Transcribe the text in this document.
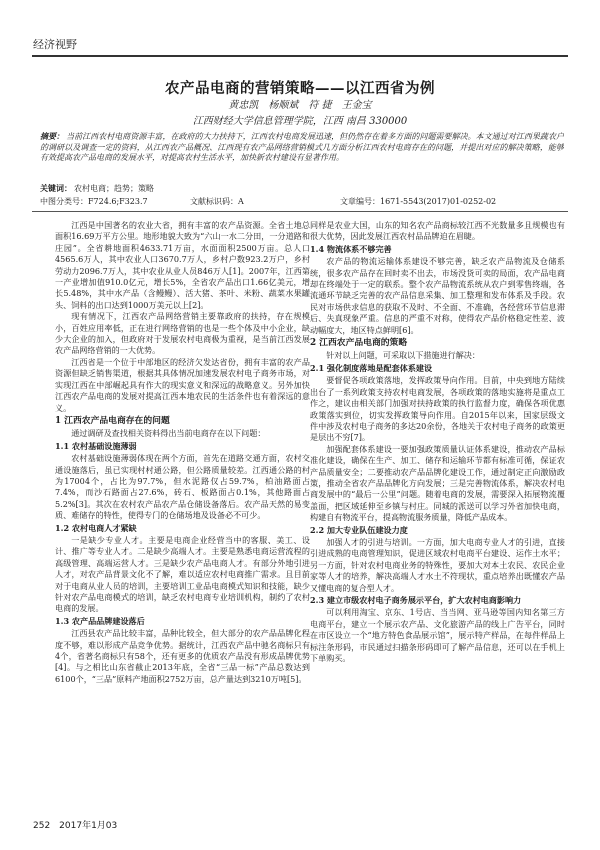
经济视野
农产品电商的营销策略——以江西省为例
黄忠凯　杨顺斌　符 捷　王金宝
江西财经大学信息管理学院，江西 南昌 330000
摘要： 当前江西农村电商资源丰富，在政府的大力扶持下，江西农村电商发展迅速，但仍然存在着多方面的问题需要解决。本文通过对江西果蔬农户的调研以及调查一定的资料，从江西农产品概况、江西现有农产品网络营销模式几方面分析江西农村电商存在的问题，并提出对应的解决策略，能够有效提高农产品电商的发展水平，对提高农村生活水平，加快新农村建设有显著作用。
关键词： 农村电商；趋势；策略
中图分类号：F724.6;F323.7	文献标识码：A	文章编号：1671-5543(2017)01-0252-02

江西是中国著名的农业大省，拥有丰富的农产品资源。全省土地总面积16.69万平方公里。地形地貌大致为“六山一水二分田，一分道路和庄园”。全省耕地面积4633.71万亩，水面面积2500万亩。总人口4565.6万人，其中农业人口3670.7万人，乡村户数923.2万户，乡村劳动力2096.7万人，其中农业从业人员846万人[1]。2007年，江西第一产业增加值910.0亿元，增长5%，全省农产品出口1.66亿美元，增长5.48%，其中水产品（含鳗鳗）、活大猪、茶叶、米粉、蔬菜水果罐头、饲料的出口达到1000万美元以上[2]。

现有情况下，江西农产品网络营销主要靠政府的扶持，存在规模小，百姓应用率低，正在进行网络营销的也是一些个体及中小企业，缺少大企业的加入，但政府对于发展农村电商极为重视，是当前江西发展农产品网络营销的一大优势。

江西省是一个位于中部地区的经济欠发达省份，拥有丰富的农产品资源但缺乏销售渠道，根据其具体情况加速发展农村电子商务市场，对实现江西在中部崛起具有作大的现实意义和深远的战略意义。另外加快江西农产品电商的发展对提高江西本地农民的生活条件也有着深远的意义。

1 江西农产品电商存在的问题

通过调研及查找相关资料得出当前电商存在以下问题：

1.1 农村基础设施薄弱

农村基础设施薄弱体现在两个方面，首先在道路交通方面，农村交通设施落后，虽已实现村村通公路，但公路质量较差。江西通公路的村为17004个，占比为97.7%，但水泥路仅占59.7%，柏油路面占7.4%，而沙石路面占27.6%，砖石、板路面占0.1%，其他路面占5.2%[3]。其次在农村农产品农产品仓储设备落后。农产品天然的易变质、难储存的特性，使得专门的仓储场地及设备必不可少。

1.2 农村电商人才紧缺

一是缺少专业人才。主要是电商企业经营当中的客服、美工、设计、推广等专业人才。二是缺少高端人才。主要是熟悉电商运营流程的高级管理、高端运营人才。三是缺少农产品电商人才。有部分外地引进人才，对农产品背景文化不了解，难以适应农村电商推广需求。且目前对于电商从业人员的培训，主要培训工业品电商模式知识和技能，缺少针对农产品电商模式的培训，缺乏农村电商专业培训机构，制约了农村电商的发展。

1.3 农产品品牌建设落后

江西县农产品比较丰富，品种比较全，但大部分的农产品品牌化程度不够，难以形成产品竞争优势。据统计，江西农产品中驰名商标只有4个，省著名商标只有58个，还有更多的优质农产品没有形成品牌优势[4]。与之相比山东省截止2013年底，全省“三品一标”产品总数达到6100个，“三品”原料产地面积2752万亩，总产量达到3210万吨[5]。

同样是农业大国，山东的知名农产品商标较江西不光数量多且规模也有很大优势，因此发展江西农村品品牌迫在眉睫。

1.4 物流体系不够完善

农产品的物流运输体系建设不够完善，缺乏农产品物流及仓储系统，很多农产品存在回时卖不出去，市场没货可卖的局面，农产品电商却在终端处于一定的联系。整个农产品物流系统从农户到零售终端，各流通环节缺乏完善的农产品信息采集、加工整理和发布体系及手段。农民对市场供求信息的获取不及时、不全面、不准确，各经营环节信息滞后、失真现象严重。信息的严重不对称，使得农产品价格稳定性差、波动幅度大，地区特点鲜明[6]。

2 江西农产品电商的策略

针对以上问题，可采取以下措施进行解决：

2.1 强化制度落地是配套体系建设

要督促各项政策落地，发挥政策导向作用。目前，中央到地方陆续出台了一系列政策支持农村电商发展，各项政策的落地实施将是重点工作之，建议由相关部门加强对扶持政策的执行监督力度，确保各项优惠政策落实到位，切实发挥政策导向作用。自2015年以来，国家层级文件中涉及农村电子商务的多达20余份，各地关于农村电子商务的政策更是层出不穷[7]。

加强配套体系建设一要加强政策质量认证体系建设，推动农产品标准化建设，确保在生产、加工、储存和运输环节都有标准可循，保证农产品质量安全；二要推动农产品品牌化建设工作，通过制定正向激励政策，推动全省农产品品牌化方向发展；三是完善物流体系，解决农村电商发展中的“最后一公里”问题。随着电商的发展，需要深入拓展物流覆盖面，把区域延伸至乡镇与村庄。同城的派送可以学习外省加快电商，构建自有物流平台，提高物流服务质量，降低产品成本。

2.2 加大专业队伍建设力度

加强人才的引进与培训。一方面，加大电商专业人才的引进，直接引进成熟的电商管理知识，促进区域农村电商平台建设、运作土水平；另一方面，针对农村电商业务的特殊性，要加大对本土农民、农民企业家等人才的培养，解决高端人才水土不符现状，重点培养出既懂农产品又懂电商的复合型人才。

2.3 建立市级农村电子商务展示平台，扩大农村电商影响力

可以利用淘宝、京东、1号店、当当网、亚马逊等国内知名第三方电商平台，建立一个展示农产品、文化旅游产品的线上广告平台，同时在市区设立一个“地方特色食品展示馆”，展示特产样品，在每件样品上标注条形码，市民通过扫描条形码即可了解产品信息，还可以在手机上下单购买。

252　2017年1月03
